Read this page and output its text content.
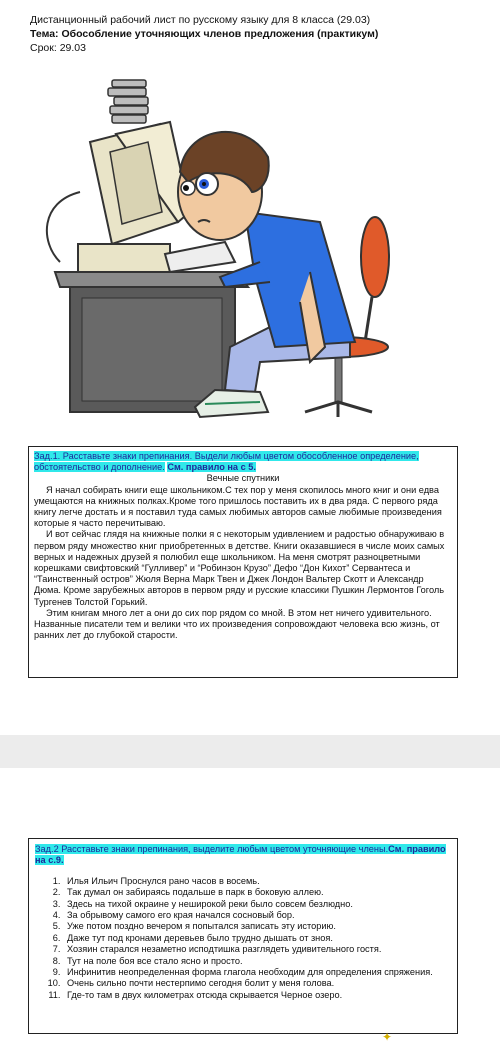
Дистанционный рабочий лист по русскому языку для 8 класса (29.03)
Тема: Обособление уточняющих членов предложения (практикум)
Срок: 29.03

Зад.1. Расставьте знаки препинания. Выдели любым цветом обособленное определение, обстоятельство и дополнение. См. правило на с 5.

Вечные спутники

Я начал собирать книги еще школьником.С тех пор у меня скопилось много книг и они едва умещаются на книжных полках.Кроме того пришлось поставить их в два ряда. С первого ряда книгу легче достать и я поставил туда самых любимых авторов самые любимые произведения которые я часто перечитываю.

И вот сейчас глядя на книжные полки я с некоторым удивлением и радостью обнаруживаю в первом ряду множество книг приобретенных в детстве. Книги оказавшиеся в числе моих самых верных и надежных друзей я полюбил еще школьником. На меня смотрят разноцветными корешками свифтовский “Гулливер” и “Робинзон Крузо” Дефо “Дон Кихот” Сервантеса и “Таинственный остров” Жюля Верна Марк Твен и Джек Лондон Вальтер Скотт и Александр Дюма. Кроме зарубежных авторов в первом ряду и русские классики Пушкин Лермонтов Гоголь Тургенев Толстой Горький.

Этим книгам много лет а они до сих пор рядом со мной. В этом нет ничего удивительного. Названные писатели тем и велики что их произведения сопровождают человека всю жизнь, от ранних лет до глубокой старости.

Зад.2 Расставьте знаки препинания, выделите любым цветом уточняющие члены.См. правило на с.9.

1. Илья Ильич Проснулся рано часов в восемь.
2. Так думал он забираясь подальше в парк в боковую аллею.
3. Здесь на тихой окраине у неширокой реки было совсем безлюдно.
4. За обрывому самого его края начался сосновый бор.
5. Уже потом поздно вечером я попытался записать эту историю.
6. Даже тут под кронами деревьев было трудно дышать от зноя.
7. Хозяин старался незаметно исподтишка разглядеть удивительного гостя.
8. Тут на поле боя все стало ясно и просто.
9. Инфинитив неопределенная форма глагола необходим для определения спряжения.
10. Очень сильно почти нестерпимо сегодня болит у меня голова.
11. Где-то там в двух километрах отсюда скрывается Черное озеро.
✦
